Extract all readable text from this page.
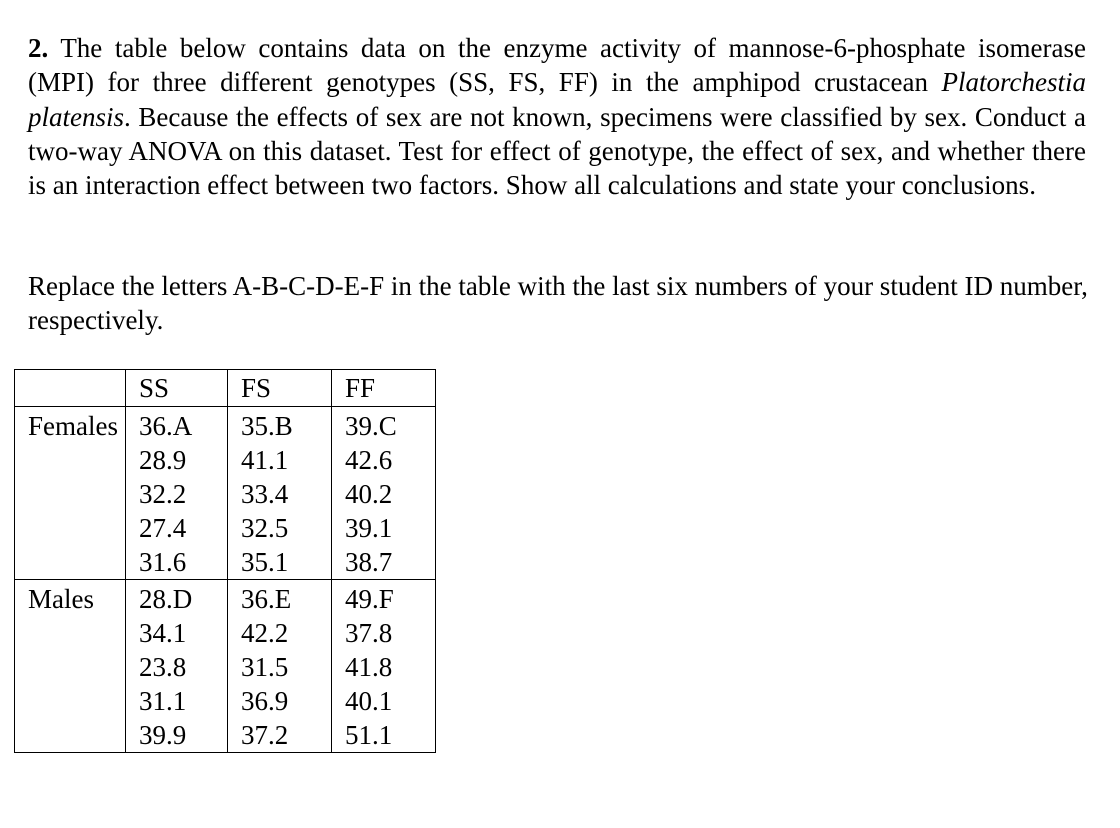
2. The table below contains data on the enzyme activity of mannose-6-phosphate isomerase (MPI) for three different genotypes (SS, FS, FF) in the amphipod crustacean Platorchestia platensis. Because the effects of sex are not known, specimens were classified by sex. Conduct a two-way ANOVA on this dataset. Test for effect of genotype, the effect of sex, and whether there is an interaction effect between two factors. Show all calculations and state your conclusions.

Replace the letters A-B-C-D-E-F in the table with the last six numbers of your student ID number, respectively.

	SS	FS	FF
Females	36.A	35.B	39.C
	28.9	41.1	42.6
	32.2	33.4	40.2
	27.4	32.5	39.1
	31.6	35.1	38.7
Males	28.D	36.E	49.F
	34.1	42.2	37.8
	23.8	31.5	41.8
	31.1	36.9	40.1
	39.9	37.2	51.1
